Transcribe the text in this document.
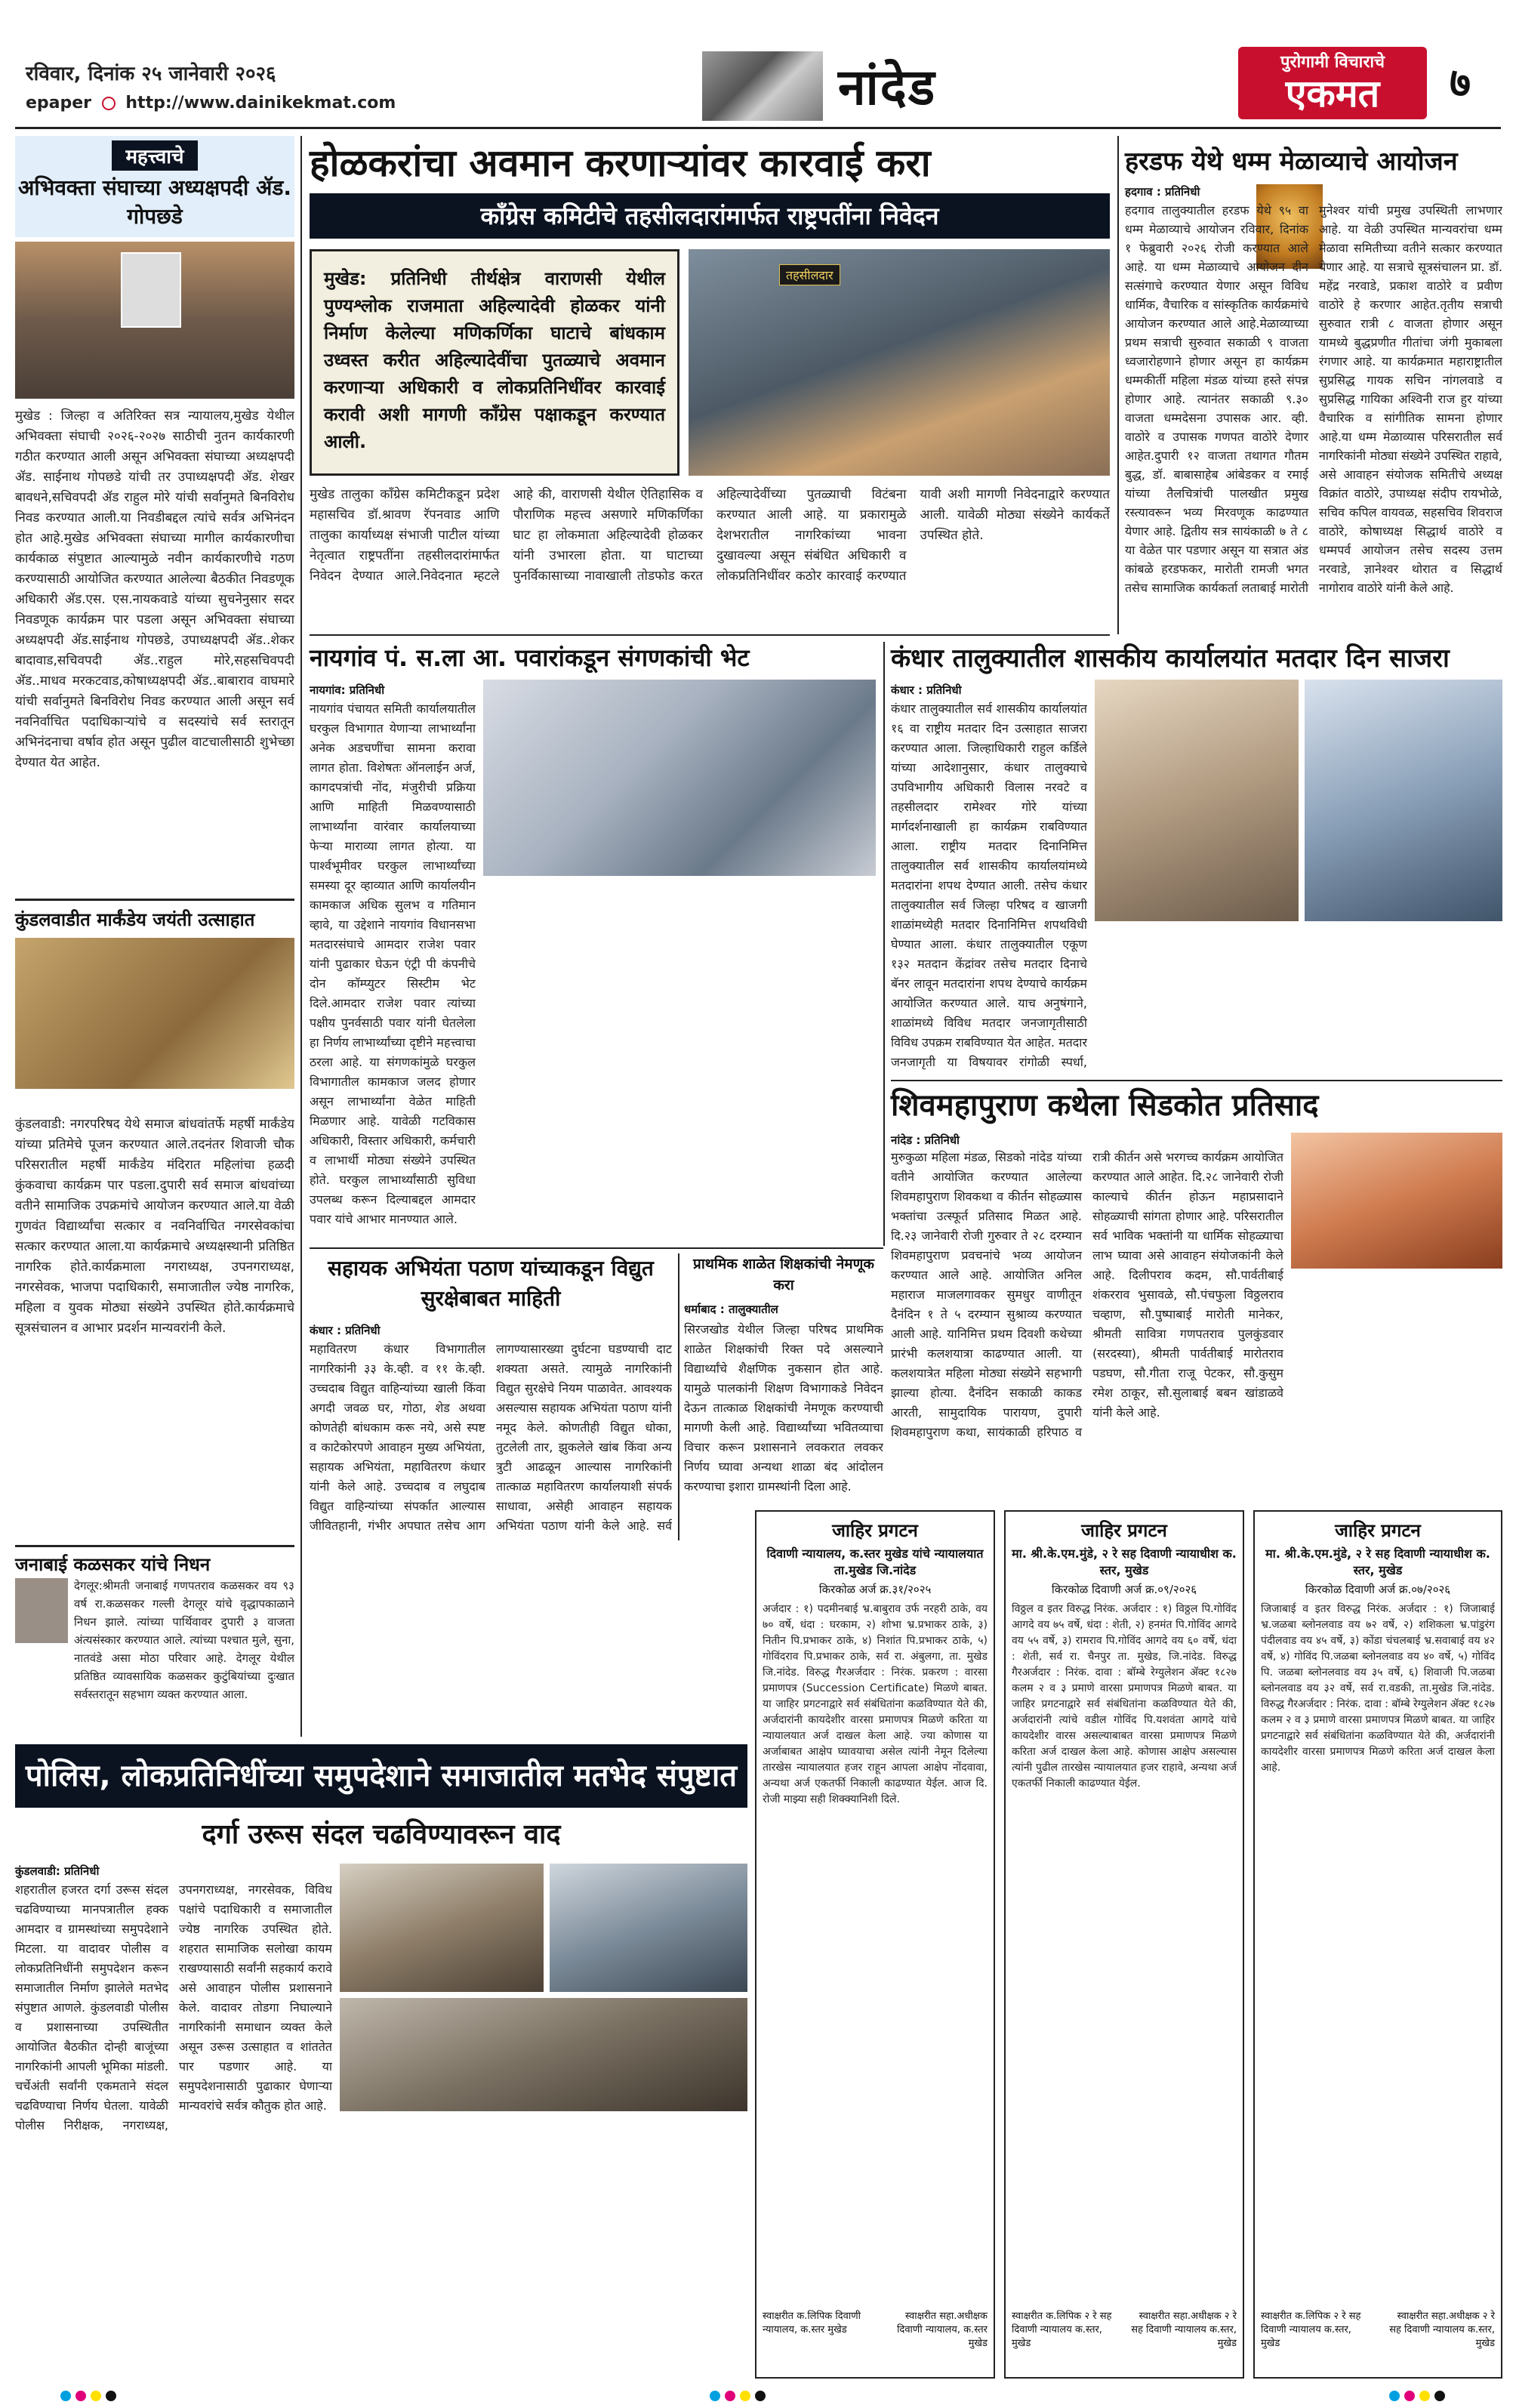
रविवार, दिनांक २५ जानेवारी २०२६
epaper http://www.dainikekmat.com	नांदेड	पुरोगामी विचाराचे
एकमत	७
महत्त्वाचे
अभिवक्ता संघाच्या अध्यक्षपदी ॲड. गोपछडे
मुखेड : जिल्हा व अतिरिक्त सत्र न्यायालय,मुखेड येथील अभिवक्ता संघाची २०२६-२०२७ साठीची नुतन कार्यकारणी गठीत करण्यात आली असून अभिवक्ता संघाच्या अध्यक्षपदी ॲड. साईनाथ गोपछडे यांची तर उपाध्यक्षपदी ॲड. शेखर बावधने,सचिवपदी ॲड राहुल मोरे यांची सर्वानुमते बिनविरोध निवड करण्यात आली.या निवडीबद्दल त्यांचे सर्वत्र अभिनंदन होत आहे.मुखेड अभिवक्ता संघाच्या मागील कार्यकारणीचा कार्यकाळ संपुष्टात आल्यामुळे नवीन कार्यकारणीचे गठण करण्यासाठी आयोजित करण्यात आलेल्या बैठकीत निवडणूक अधिकारी ॲड.एस. एस.नायकवाडे यांच्या सुचनेनुसार सदर निवडणूक कार्यक्रम पार पडला असून अभिवक्ता संघाच्या अध्यक्षपदी ॲड.साईनाथ गोपछडे, उपाध्यक्षपदी ॲड..शेकर बादावाड,सचिवपदी ॲड..राहुल मोरे,सहसचिवपदी ॲड..माधव मरकटवाड,कोषाध्यक्षपदी ॲड..बाबाराव वाघमारे यांची सर्वानुमते बिनविरोध निवड करण्यात आली असून सर्व नवनिर्वाचित पदाधिकाऱ्यांचे व सदस्यांचे सर्व स्तरातून अभिनंदनाचा वर्षाव होत असून पुढील वाटचालीसाठी शुभेच्छा देण्यात येत आहेत.
कुंडलवाडीत मार्कंडेय जयंती उत्साहात
कुंडलवाडी: नगरपरिषद येथे समाज बांधवांतर्फे महर्षी मार्कंडेय यांच्या प्रतिमेचे पूजन करण्यात आले.तदनंतर शिवाजी चौक परिसरातील महर्षी मार्कंडेय मंदिरात महिलांचा हळदी कुंकवाचा कार्यक्रम पार पडला.दुपारी सर्व समाज बांधवांच्या वतीने सामाजिक उपक्रमांचे आयोजन करण्यात आले.या वेळी गुणवंत विद्यार्थ्यांचा सत्कार व नवनिर्वाचित नगरसेवकांचा सत्कार करण्यात आला.या कार्यक्रमाचे अध्यक्षस्थानी प्रतिष्ठित नागरिक होते.कार्यक्रमाला नगराध्यक्ष, उपनगराध्यक्ष, नगरसेवक, भाजपा पदाधिकारी, समाजातील ज्येष्ठ नागरिक, महिला व युवक मोठ्या संख्येने उपस्थित होते.कार्यक्रमाचे सूत्रसंचालन व आभार प्रदर्शन मान्यवरांनी केले.
जनाबाई कळसकर यांचे निधन
देगलूर:श्रीमती जनाबाई गणपतराव कळसकर वय ९३ वर्ष रा.कळसकर गल्ली देगलूर यांचे वृद्धापकाळाने निधन झाले. त्यांच्या पार्थिवावर दुपारी ३ वाजता अंत्यसंस्कार करण्यात आले. त्यांच्या पश्चात मुले, सुना, नातवंडे असा मोठा परिवार आहे. देगलूर येथील प्रतिष्ठित व्यावसायिक कळसकर कुटुंबियांच्या दुःखात सर्वस्तरातून सहभाग व्यक्त करण्यात आला.
होळकरांचा अवमान करणाऱ्यांवर कारवाई करा
काँग्रेस कमिटीचे तहसीलदारांमार्फत राष्ट्रपतींना निवेदन
मुखेड: प्रतिनिधी तीर्थक्षेत्र वाराणसी येथील पुण्यश्लोक राजमाता अहिल्यादेवी होळकर यांनी निर्माण केलेल्या मणिकर्णिका घाटाचे बांधकाम उध्वस्त करीत अहिल्यादेवींचा पुतळ्याचे अवमान करणाऱ्या अधिकारी व लोकप्रतिनिधींवर कारवाई करावी अशी मागणी काँग्रेस पक्षाकडून करण्यात आली.
तहसीलदार
मुखेड तालुका काँग्रेस कमिटीकडून प्रदेश महासचिव डॉ.श्रावण रॅपनवाड आणि तालुका कार्याध्यक्ष संभाजी पाटील यांच्या नेतृत्वात राष्ट्रपतींना तहसीलदारांमार्फत निवेदन देण्यात आले.निवेदनात म्हटले आहे की, वाराणसी येथील ऐतिहासिक व पौराणिक महत्त्व असणारे मणिकर्णिका घाट हा लोकमाता अहिल्यादेवी होळकर यांनी उभारला होता. या घाटाच्या पुनर्विकासाच्या नावाखाली तोडफोड करत अहिल्यादेवींच्या पुतळ्याची विटंबना करण्यात आली आहे. या प्रकारामुळे देशभरातील नागरिकांच्या भावना दुखावल्या असून संबंधित अधिकारी व लोकप्रतिनिधींवर कठोर कारवाई करण्यात यावी अशी मागणी निवेदनाद्वारे करण्यात आली. यावेळी मोठ्या संख्येने कार्यकर्ते उपस्थित होते.
हरडफ येथे धम्म मेळाव्याचे आयोजन
हदगाव : प्रतिनिधी
हदगाव तालुक्यातील हरडफ येथे ९५ वा धम्म मेळाव्याचे आयोजन रविवार, दिनांक १ फेब्रुवारी २०२६ रोजी करण्यात आले आहे. या धम्म मेळाव्याचे आयोजन दीन सत्संगाचे करण्यात येणार असून विविध धार्मिक, वैचारिक व सांस्कृतिक कार्यक्रमांचे आयोजन करण्यात आले आहे.मेळाव्याच्या प्रथम सत्राची सुरुवात सकाळी ९ वाजता ध्वजारोहणाने होणार असून हा कार्यक्रम धम्मकीर्ती महिला मंडळ यांच्या हस्ते संपन्न होणार आहे. त्यानंतर सकाळी ९.३० वाजता धम्मदेसना उपासक आर. व्ही. वाठोरे व उपासक गणपत वाठोरे देणार आहेत.दुपारी १२ वाजता तथागत गौतम बुद्ध, डॉ. बाबासाहेब आंबेडकर व रमाई यांच्या तैलचित्रांची पालखीत प्रमुख रस्त्यावरून भव्य मिरवणूक काढण्यात येणार आहे. द्वितीय सत्र सायंकाळी ७ ते ८ या वेळेत पार पडणार असून या सत्रात अंड कांबळे हरडफकर, मारोती रामजी भगत तसेच सामाजिक कार्यकर्ता लताबाई मारोती मुनेश्वर यांची प्रमुख उपस्थिती लाभणार आहे. या वेळी उपस्थित मान्यवरांचा धम्म मेळावा समितीच्या वतीने सत्कार करण्यात येणार आहे. या सत्राचे सूत्रसंचालन प्रा. डॉ. महेंद्र नरवाडे, प्रकाश वाठोरे व प्रवीण वाठोरे हे करणार आहेत.तृतीय सत्राची सुरुवात रात्री ८ वाजता होणार असून यामध्ये बुद्धप्रणीत गीतांचा जंगी मुकाबला रंगणार आहे. या कार्यक्रमात महाराष्ट्रातील सुप्रसिद्ध गायक सचिन नांगलवाडे व सुप्रसिद्ध गायिका अश्विनी राज हुर यांच्या वैचारिक व सांगीतिक सामना होणार आहे.या धम्म मेळाव्यास परिसरातील सर्व नागरिकांनी मोठ्या संख्येने उपस्थित राहावे, असे आवाहन संयोजक समितीचे अध्यक्ष विक्रांत वाठोरे, उपाध्यक्ष संदीप रायभोळे, सचिव कपिल वायवळ, सहसचिव शिवराज वाठोरे, कोषाध्यक्ष सिद्धार्थ वाठोरे व धम्मपर्व आयोजन तसेच सदस्य उत्तम नरवाडे, ज्ञानेश्वर थोरात व सिद्धार्थ नागोराव वाठोरे यांनी केले आहे.
नायगांव पं. स.ला आ. पवारांकडून संगणकांची भेट
नायगांव: प्रतिनिधी
नायगांव पंचायत समिती कार्यालयातील घरकुल विभागात येणाऱ्या लाभार्थ्यांना अनेक अडचणींचा सामना करावा लागत होता. विशेषतः ऑनलाईन अर्ज, कागदपत्रांची नोंद, मंजुरीची प्रक्रिया आणि माहिती मिळवण्यासाठी लाभार्थ्यांना वारंवार कार्यालयाच्या फेऱ्या माराव्या लागत होत्या. या पार्श्वभूमीवर घरकुल लाभार्थ्यांच्या समस्या दूर व्हाव्यात आणि कार्यालयीन कामकाज अधिक सुलभ व गतिमान व्हावे, या उद्देशाने नायगांव विधानसभा मतदारसंघाचे आमदार राजेश पवार यांनी पुढाकार घेऊन एंट्री पी कंपनीचे दोन कॉम्प्युटर सिस्टीम भेट दिले.आमदार राजेश पवार त्यांच्या पक्षीय पुनर्वसाठी पवार यांनी घेतलेला हा निर्णय लाभार्थ्यांच्या दृष्टीने महत्त्वाचा ठरला आहे. या संगणकांमुळे घरकुल विभागातील कामकाज जलद होणार असून लाभार्थ्यांना वेळेत माहिती मिळणार आहे. यावेळी गटविकास अधिकारी, विस्तार अधिकारी, कर्मचारी व लाभार्थी मोठ्या संख्येने उपस्थित होते. घरकुल लाभार्थ्यांसाठी सुविधा उपलब्ध करून दिल्याबद्दल आमदार पवार यांचे आभार मानण्यात आले.
कंधार तालुक्यातील शासकीय कार्यालयांत मतदार दिन साजरा
कंधार : प्रतिनिधी
कंधार तालुक्यातील सर्व शासकीय कार्यालयांत १६ वा राष्ट्रीय मतदार दिन उत्साहात साजरा करण्यात आला. जिल्हाधिकारी राहुल कर्डिले यांच्या आदेशानुसार, कंधार तालुक्याचे उपविभागीय अधिकारी विलास नरवटे व तहसीलदार रामेश्वर गोरे यांच्या मार्गदर्शनाखाली हा कार्यक्रम राबविण्यात आला. राष्ट्रीय मतदार दिनानिमित्त तालुक्यातील सर्व शासकीय कार्यालयांमध्ये मतदारांना शपथ देण्यात आली. तसेच कंधार तालुक्यातील सर्व जिल्हा परिषद व खाजगी शाळांमध्येही मतदार दिनानिमित्त शपथविधी घेण्यात आला. कंधार तालुक्यातील एकूण १३२ मतदान केंद्रांवर तसेच मतदार दिनाचे बॅनर लावून मतदारांना शपथ देण्याचे कार्यक्रम आयोजित करण्यात आले. याच अनुषंगाने, शाळांमध्ये विविध मतदार जनजागृतीसाठी विविध उपक्रम राबविण्यात येत आहेत. मतदार जनजागृती या विषयावर रांगोळी स्पर्धा,
शिवमहापुराण कथेला सिडकोत प्रतिसाद
नांदेड : प्रतिनिधी
मुरुकुळा महिला मंडळ, सिडको नांदेड यांच्या वतीने आयोजित करण्यात आलेल्या शिवमहापुराण शिवकथा व कीर्तन सोहळ्यास भक्तांचा उत्स्फूर्त प्रतिसाद मिळत आहे. दि.२३ जानेवारी रोजी गुरुवार ते २८ दरम्यान शिवमहापुराण प्रवचनांचे भव्य आयोजन करण्यात आले आहे. आयोजित अनिल महाराज माजलगावकर सुमधुर वाणीतून दैनंदिन १ ते ५ दरम्यान सुश्राव्य करण्यात आली आहे. यानिमित्त प्रथम दिवशी कथेच्या प्रारंभी कलशयात्रा काढण्यात आली. या कलशयात्रेत महिला मोठ्या संख्येने सहभागी झाल्या होत्या. दैनंदिन सकाळी काकड आरती, सामुदायिक पारायण, दुपारी शिवमहापुराण कथा, सायंकाळी हरिपाठ व रात्री कीर्तन असे भरगच्च कार्यक्रम आयोजित करण्यात आले आहेत. दि.२८ जानेवारी रोजी काल्याचे कीर्तन होऊन महाप्रसादाने सोहळ्याची सांगता होणार आहे. परिसरातील सर्व भाविक भक्तांनी या धार्मिक सोहळ्याचा लाभ घ्यावा असे आवाहन संयोजकांनी केले आहे. दिलीपराव कदम, सौ.पार्वतीबाई शंकरराव भुसावळे, सौ.पंचफुला विठ्ठलराव चव्हाण, सौ.पुष्पाबाई मारोती मानेकर, श्रीमती सावित्रा गणपतराव पुलकुंडवार (सरदस्या), श्रीमती पार्वतीबाई मारोतराव पडघण, सौ.गीता राजू पेटकर, सौ.कुसुम रमेश ठाकूर, सौ.सुलाबाई बबन खांडाळवे यांनी केले आहे.
सहायक अभियंता पठाण यांच्याकडून विद्युत सुरक्षेबाबत माहिती
कंधार : प्रतिनिधी
महावितरण कंधार विभागातील नागरिकांनी ३३ के.व्ही. व ११ के.व्ही. उच्चदाब विद्युत वाहिन्यांच्या खाली किंवा अगदी जवळ घर, गोठा, शेड अथवा कोणतेही बांधकाम करू नये, असे स्पष्ट व काटेकोरपणे आवाहन मुख्य अभियंता, सहायक अभियंता, महावितरण कंधार यांनी केले आहे. उच्चदाब व लघुदाब विद्युत वाहिन्यांच्या संपर्कात आल्यास जीवितहानी, गंभीर अपघात तसेच आग लागण्यासारख्या दुर्घटना घडण्याची दाट शक्यता असते. त्यामुळे नागरिकांनी विद्युत सुरक्षेचे नियम पाळावेत. आवश्यक असल्यास सहायक अभियंता पठाण यांनी नमूद केले. कोणतीही विद्युत धोका, तुटलेली तार, झुकलेले खांब किंवा अन्य त्रुटी आढळून आल्यास नागरिकांनी तात्काळ महावितरण कार्यालयाशी संपर्क साधावा, असेही आवाहन सहायक अभियंता पठाण यांनी केले आहे. सर्व
प्राथमिक शाळेत शिक्षकांची नेमणूक करा
धर्माबाद : तालुक्यातील
सिरजखोड येथील जिल्हा परिषद प्राथमिक शाळेत शिक्षकांची रिक्त पदे असल्याने विद्यार्थ्यांचे शैक्षणिक नुकसान होत आहे. यामुळे पालकांनी शिक्षण विभागाकडे निवेदन देऊन तात्काळ शिक्षकांची नेमणूक करण्याची मागणी केली आहे. विद्यार्थ्यांच्या भवितव्याचा विचार करून प्रशासनाने लवकरात लवकर निर्णय घ्यावा अन्यथा शाळा बंद आंदोलन करण्याचा इशारा ग्रामस्थांनी दिला आहे.
पोलिस, लोकप्रतिनिधींच्या समुपदेशाने समाजातील मतभेद संपुष्टात
दर्गा उरूस संदल चढविण्यावरून वाद
कुंडलवाडी: प्रतिनिधी
शहरातील हजरत दर्गा उरूस संदल चढविण्याच्या मानपत्रातील हक्क आमदार व ग्रामस्थांच्या समुपदेशाने मिटला. या वादावर पोलीस व लोकप्रतिनिधींनी समुपदेशन करून समाजातील निर्माण झालेले मतभेद संपुष्टात आणले. कुंडलवाडी पोलीस व प्रशासनाच्या उपस्थितीत आयोजित बैठकीत दोन्ही बाजूंच्या नागरिकांनी आपली भूमिका मांडली. चर्चेअंती सर्वांनी एकमताने संदल चढविण्याचा निर्णय घेतला. यावेळी पोलीस निरीक्षक, नगराध्यक्ष, उपनगराध्यक्ष, नगरसेवक, विविध पक्षांचे पदाधिकारी व समाजातील ज्येष्ठ नागरिक उपस्थित होते. शहरात सामाजिक सलोखा कायम राखण्यासाठी सर्वांनी सहकार्य करावे असे आवाहन पोलीस प्रशासनाने केले. वादावर तोडगा निघाल्याने नागरिकांनी समाधान व्यक्त केले असून उरूस उत्साहात व शांततेत पार पडणार आहे. या समुपदेशनासाठी पुढाकार घेणाऱ्या मान्यवरांचे सर्वत्र कौतुक होत आहे.
जाहिर प्रगटन
दिवाणी न्यायालय, क.स्तर मुखेड यांचे न्यायालयात ता.मुखेड जि.नांदेड
किरकोळ अर्ज क्र.३१/२०२५
अर्जदार : १) पदमीनबाई भ्र.बाबुराव उर्फ नरहरी ठाके, वय ७० वर्षे, धंदा : घरकाम, २) शोभा भ्र.प्रभाकर ठाके, ३) नितीन पि.प्रभाकर ठाके, ४) निशांत पि.प्रभाकर ठाके, ५) गोविंदराव पि.प्रभाकर ठाके, सर्व रा. अंबुलगा, ता. मुखेड जि.नांदेड. विरुद्ध गैरअर्जदार : निरंक. प्रकरण : वारसा प्रमाणपत्र (Succession Certificate) मिळणे बाबत. या जाहिर प्रगटनाद्वारे सर्व संबंधितांना कळविण्यात येते की, अर्जदारांनी कायदेशीर वारसा प्रमाणपत्र मिळणे करिता या न्यायालयात अर्ज दाखल केला आहे. ज्या कोणास या अर्जाबाबत आक्षेप घ्यावयाचा असेल त्यांनी नेमून दिलेल्या तारखेस न्यायालयात हजर राहून आपला आक्षेप नोंदवावा, अन्यथा अर्ज एकतर्फी निकाली काढण्यात येईल. आज दि. रोजी माझ्या सही शिक्क्यानिशी दिले.
स्वाक्षरीत क.लिपिक दिवाणी न्यायालय, क.स्तर मुखेड
स्वाक्षरीत सहा.अधीक्षक दिवाणी न्यायालय, क.स्तर मुखेड
जाहिर प्रगटन
मा. श्री.के.एम.मुंडे, २ रे सह दिवाणी न्यायाधीश क. स्तर, मुखेड
किरकोळ दिवाणी अर्ज क्र.०९/२०२६
विठ्ठल व इतर विरुद्ध निरंक. अर्जदार : १) विठ्ठल पि.गोविंद आगदे वय ७५ वर्षे, धंदा : शेती, २) हनमंत पि.गोविंद आगदे वय ५५ वर्षे, ३) रामराव पि.गोविंद आगदे वय ६० वर्षे, धंदा : शेती, सर्व रा. चैनपुर ता. मुखेड, जि.नांदेड. विरुद्ध गैरअर्जदार : निरंक. दावा : बॉम्बे रेग्युलेशन ॲक्ट १८२७ कलम २ व ३ प्रमाणे वारसा प्रमाणपत्र मिळणे बाबत. या जाहिर प्रगटनाद्वारे सर्व संबंधितांना कळविण्यात येते की, अर्जदारांनी त्यांचे वडील गोविंद पि.यशवंता आगदे यांचे कायदेशीर वारस असल्याबाबत वारसा प्रमाणपत्र मिळणे करिता अर्ज दाखल केला आहे. कोणास आक्षेप असल्यास त्यांनी पुढील तारखेस न्यायालयात हजर राहावे, अन्यथा अर्ज एकतर्फी निकाली काढण्यात येईल.
स्वाक्षरीत क.लिपिक २ रे सह दिवाणी न्यायालय क.स्तर, मुखेड
स्वाक्षरीत सहा.अधीक्षक २ रे सह दिवाणी न्यायालय क.स्तर, मुखेड
जाहिर प्रगटन
मा. श्री.के.एम.मुंडे, २ रे सह दिवाणी न्यायाधीश क. स्तर, मुखेड
किरकोळ दिवाणी अर्ज क्र.०७/२०२६
जिजाबाई व इतर विरुद्ध निरंक. अर्जदार : १) जिजाबाई भ्र.जळबा ब्लोनलवाड वय ७२ वर्षे, २) शशिकला भ्र.पांडुरंग पंदीलवाड वय ४५ वर्षे, ३) कोंडा चंचलबाई भ्र.सवाबाई वय ४२ वर्षे, ४) गोविंद पि.जळबा ब्लोनलवाड वय ४० वर्षे, ५) गोविंद पि. जळबा ब्लोनलवाड वय ३५ वर्षे, ६) शिवाजी पि.जळबा ब्लोनलवाड वय ३२ वर्षे, सर्व रा.वडकी, ता.मुखेड जि.नांदेड. विरुद्ध गैरअर्जदार : निरंक. दावा : बॉम्बे रेग्युलेशन ॲक्ट १८२७ कलम २ व ३ प्रमाणे वारसा प्रमाणपत्र मिळणे बाबत. या जाहिर प्रगटनाद्वारे सर्व संबंधितांना कळविण्यात येते की, अर्जदारांनी कायदेशीर वारसा प्रमाणपत्र मिळणे करिता अर्ज दाखल केला आहे.
स्वाक्षरीत क.लिपिक २ रे सह दिवाणी न्यायालय क.स्तर, मुखेड
स्वाक्षरीत सहा.अधीक्षक २ रे सह दिवाणी न्यायालय क.स्तर, मुखेड
